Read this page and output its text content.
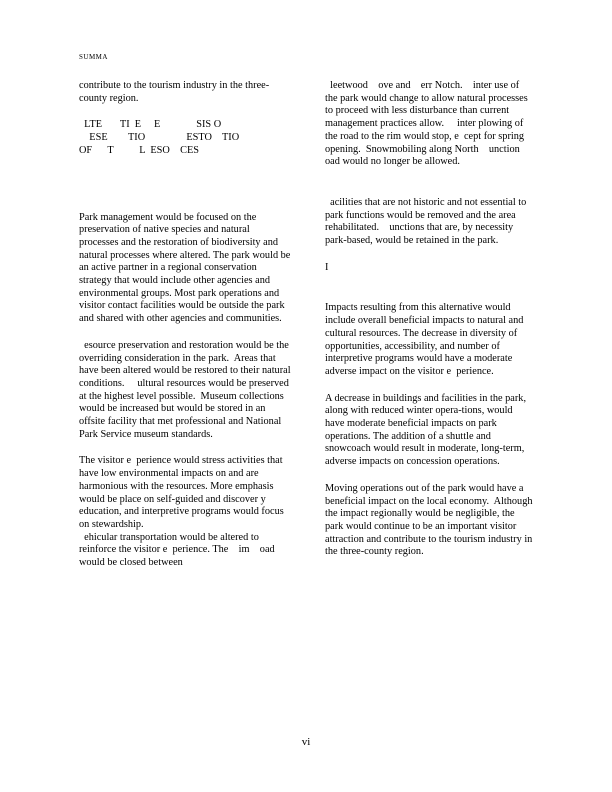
SUMMA

contribute to the tourism industry in the three-county region.

LTE       TI  E     E              SIS O

ESE        TIO                ESTO    TIO

OF      T          L  ESO    CES

Park management would be focused on the preservation of native species and natural processes and the restoration of biodiversity and natural processes where altered. The park would be an active partner in a regional conservation strategy that would include other agencies and environmental groups. Most park operations and visitor contact facilities would be outside the park and shared with other agencies and communities.

esource preservation and restoration would be the overriding consideration in the park.  Areas that have been altered would be restored to their natural conditions.     ultural resources would be preserved at the highest level possible.  Museum collections would be increased but would be stored in an offsite facility that met professional and National Park Service museum standards.

The visitor e  perience would stress activities that have low environmental impacts on and are harmonious with the resources. More emphasis would be place on self-guided and discover y education, and interpretive programs would focus on stewardship.

ehicular transportation would be altered to reinforce the visitor e  perience. The    im    oad would be closed between

leetwood    ove and    err Notch.    inter use of the park would change to allow natural processes to proceed with less disturbance than current management practices allow.     inter plowing of the road to the rim would stop, e  cept for spring opening.  Snowmobiling along North    unction    oad would no longer be allowed.

acilities that are not historic and not essential to park functions would be removed and the area rehabilitated.    unctions that are, by necessity park-based, would be retained in the park.

I

Impacts resulting from this alternative would include overall beneficial impacts to natural and cultural resources. The decrease in diversity of opportunities, accessibility, and number of interpretive programs would have a moderate adverse impact on the visitor e  perience.

A decrease in buildings and facilities in the park, along with reduced winter opera-tions, would have moderate beneficial impacts on park operations. The addition of a shuttle and snowcoach would result in moderate, long-term, adverse impacts on concession operations.

Moving operations out of the park would have a beneficial impact on the local economy.  Although the impact regionally would be negligible, the park would continue to be an important visitor attraction and contribute to the tourism industry in the three-county region.

vi
